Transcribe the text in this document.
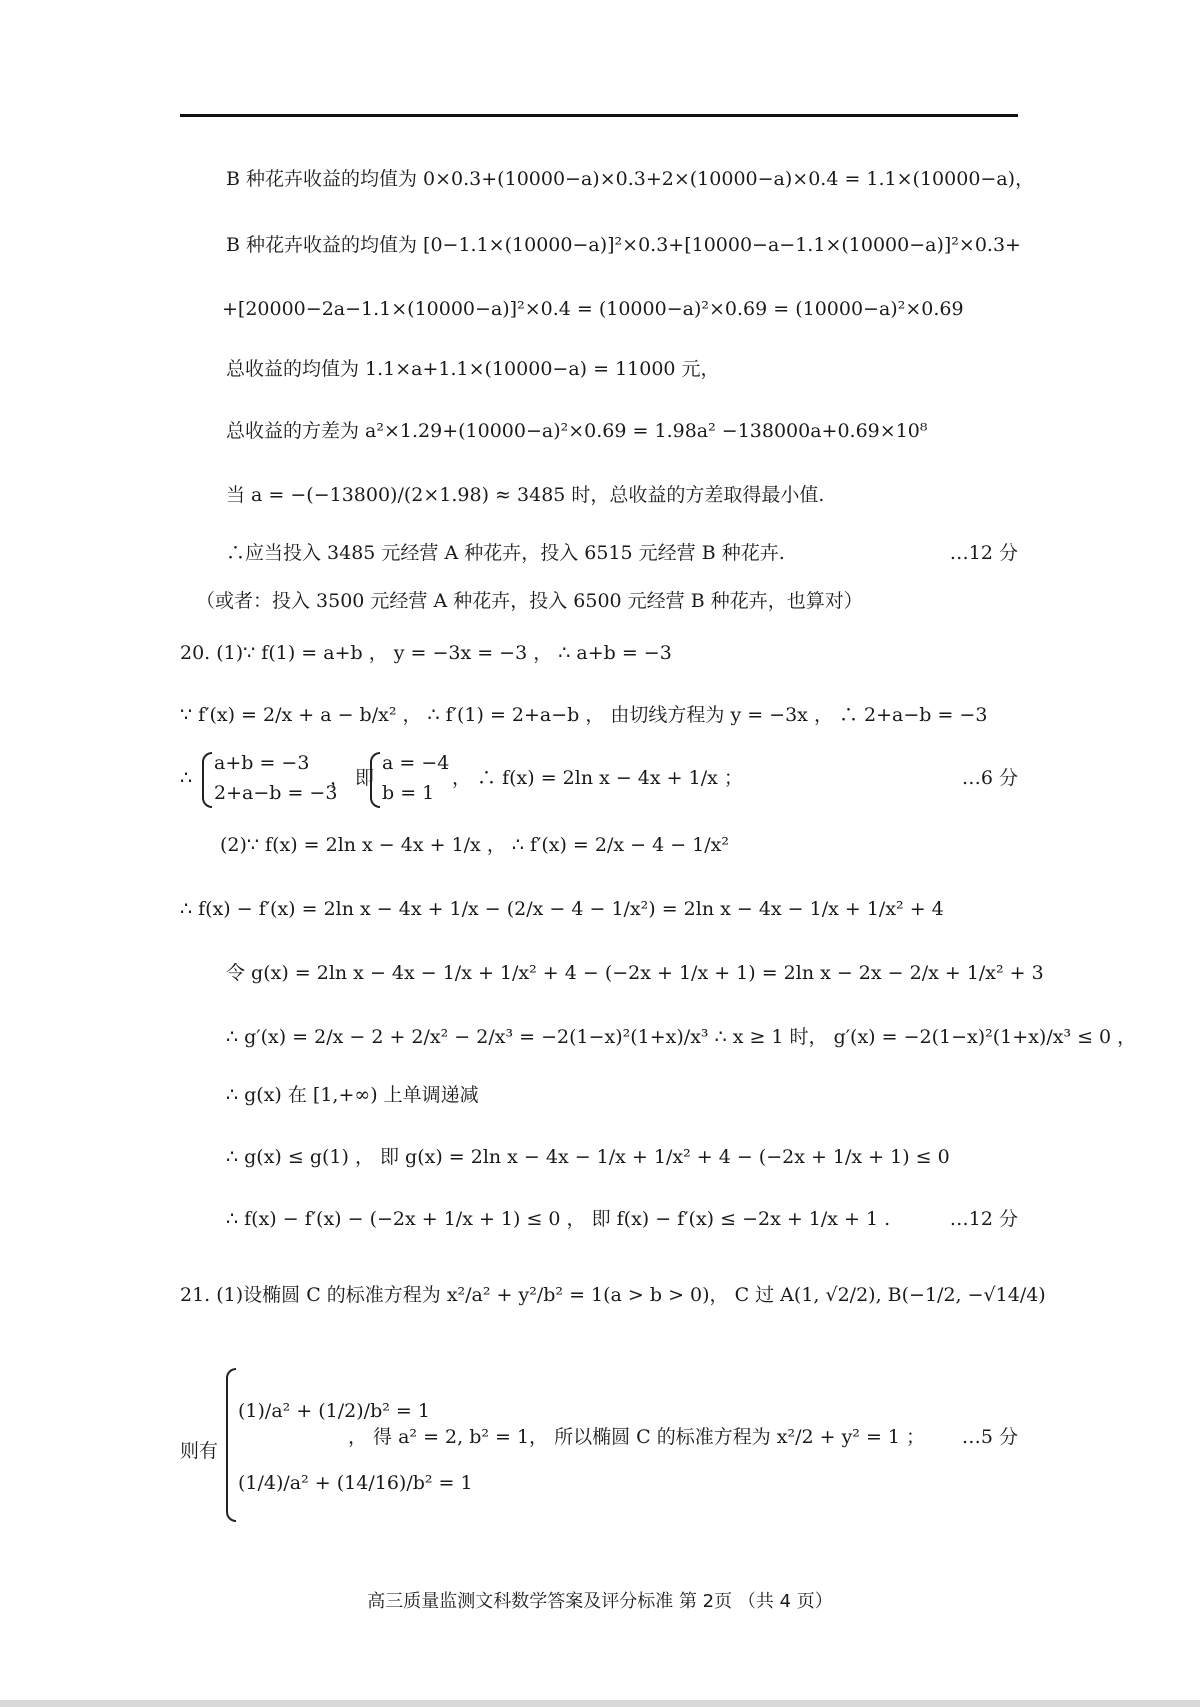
B 种花卉收益的均值为 0×0.3+(10000−a)×0.3+2×(10000−a)×0.4 = 1.1×(10000−a)，
B 种花卉收益的均值为 [0−1.1×(10000−a)]²×0.3+[10000−a−1.1×(10000−a)]²×0.3+
+[20000−2a−1.1×(10000−a)]²×0.4 = (10000−a)²×0.69 = (10000−a)²×0.69
总收益的均值为 1.1×a+1.1×(10000−a) = 11000 元，
总收益的方差为 a²×1.29+(10000−a)²×0.69 = 1.98a² −138000a+0.69×10⁸
当 a = −(−13800)/(2×1.98) ≈ 3485 时，总收益的方差取得最小值.
∴应当投入 3485 元经营 A 种花卉，投入 6515 元经营 B 种花卉.	…12 分
（或者：投入 3500 元经营 A 种花卉，投入 6500 元经营 B 种花卉，也算对）
20. (1)∵ f(1) = a+b ， y = −3x = −3 ， ∴ a+b = −3
∵ f′(x) = 2/x + a − b/x² ， ∴ f′(1) = 2+a−b ， 由切线方程为 y = −3x ， ∴ 2+a−b = −3
∴
a+b = −3
2+a−b = −3
， 即
a = −4
b = 1
， ∴ f(x) = 2ln x − 4x + 1/x ；	…6 分
(2)∵ f(x) = 2ln x − 4x + 1/x ， ∴ f′(x) = 2/x − 4 − 1/x²
∴ f(x) − f′(x) = 2ln x − 4x + 1/x − (2/x − 4 − 1/x²) = 2ln x − 4x − 1/x + 1/x² + 4
令 g(x) = 2ln x − 4x − 1/x + 1/x² + 4 − (−2x + 1/x + 1) = 2ln x − 2x − 2/x + 1/x² + 3
∴ g′(x) = 2/x − 2 + 2/x² − 2/x³ = −2(1−x)²(1+x)/x³ ∴ x ≥ 1 时， g′(x) = −2(1−x)²(1+x)/x³ ≤ 0 ，
∴ g(x) 在 [1,+∞) 上单调递减
∴ g(x) ≤ g(1) ， 即 g(x) = 2ln x − 4x − 1/x + 1/x² + 4 − (−2x + 1/x + 1) ≤ 0
∴ f(x) − f′(x) − (−2x + 1/x + 1) ≤ 0 ， 即 f(x) − f′(x) ≤ −2x + 1/x + 1 .	…12 分
21. (1)设椭圆 C 的标准方程为 x²/a² + y²/b² = 1(a > b > 0)， C 过 A(1, √2/2), B(−1/2, −√14/4)
则有
(1)/a² + (1/2)/b² = 1
(1/4)/a² + (14/16)/b² = 1
， 得 a² = 2, b² = 1， 所以椭圆 C 的标准方程为 x²/2 + y² = 1 ； …5 分
高三质量监测文科数学答案及评分标准 第 2页 （共 4 页）
